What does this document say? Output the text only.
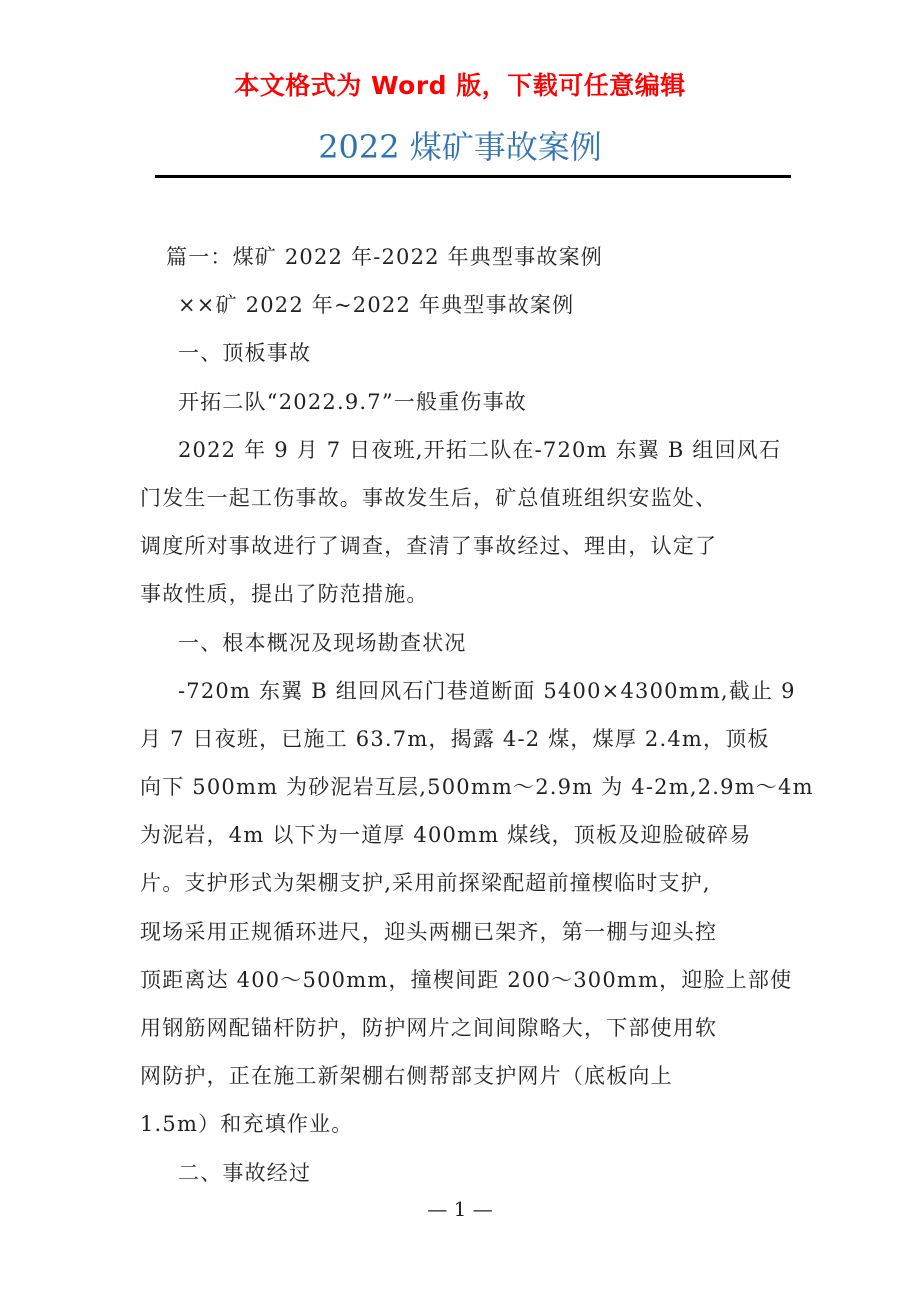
本文格式为 Word 版，下载可任意编辑
2022 煤矿事故案例
篇一：煤矿 2022 年-2022 年典型事故案例
××矿 2022 年~2022 年典型事故案例
一、顶板事故
开拓二队“2022.9.7”一般重伤事故
2022 年 9 月 7 日夜班,开拓二队在-720m 东翼 B 组回风石
门发生一起工伤事故。事故发生后，矿总值班组织安监处、
调度所对事故进行了调查，查清了事故经过、理由，认定了
事故性质，提出了防范措施。
一、根本概况及现场勘查状况
-720m 东翼 B 组回风石门巷道断面 5400×4300mm,截止 9
月 7 日夜班，已施工 63.7m，揭露 4-2 煤，煤厚 2.4m，顶板
向下 500mm 为砂泥岩互层,500mm～2.9m 为 4-2m,2.9m～4m
为泥岩，4m 以下为一道厚 400mm 煤线，顶板及迎脸破碎易
片。支护形式为架棚支护,采用前探梁配超前撞楔临时支护,
现场采用正规循环进尺，迎头两棚已架齐，第一棚与迎头控
顶距离达 400～500mm，撞楔间距 200～300mm，迎脸上部使
用钢筋网配锚杆防护，防护网片之间间隙略大，下部使用软
网防护，正在施工新架棚右侧帮部支护网片（底板向上
1.5m）和充填作业。
二、事故经过
— 1 —
